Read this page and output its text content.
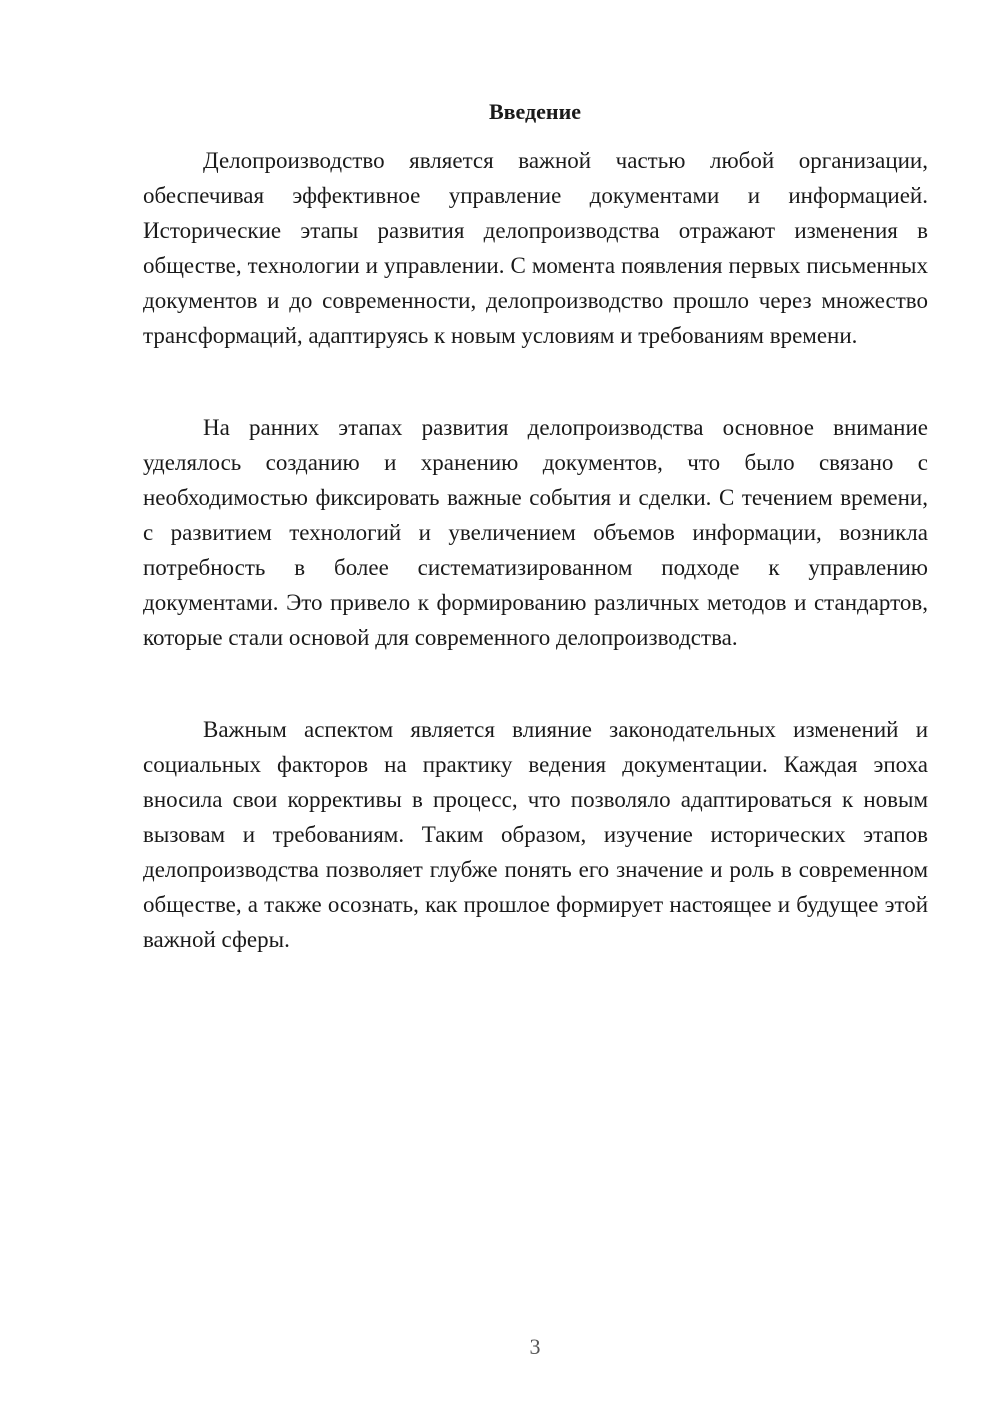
Введение

Делопроизводство является важной частью любой организации, обеспечивая эффективное управление документами и информацией. Исторические этапы развития делопроизводства отражают изменения в обществе, технологии и управлении. С момента появления первых письменных документов и до современности, делопроизводство прошло через множество трансформаций, адаптируясь к новым условиям и требованиям времени.

На ранних этапах развития делопроизводства основное внимание уделялось созданию и хранению документов, что было связано с необходимостью фиксировать важные события и сделки. С течением времени, с развитием технологий и увеличением объемов информации, возникла потребность в более систематизированном подходе к управлению документами. Это привело к формированию различных методов и стандартов, которые стали основой для современного делопроизводства.

Важным аспектом является влияние законодательных изменений и социальных факторов на практику ведения документации. Каждая эпоха вносила свои коррективы в процесс, что позволяло адаптироваться к новым вызовам и требованиям. Таким образом, изучение исторических этапов делопроизводства позволяет глубже понять его значение и роль в современном обществе, а также осознать, как прошлое формирует настоящее и будущее этой важной сферы.

3
